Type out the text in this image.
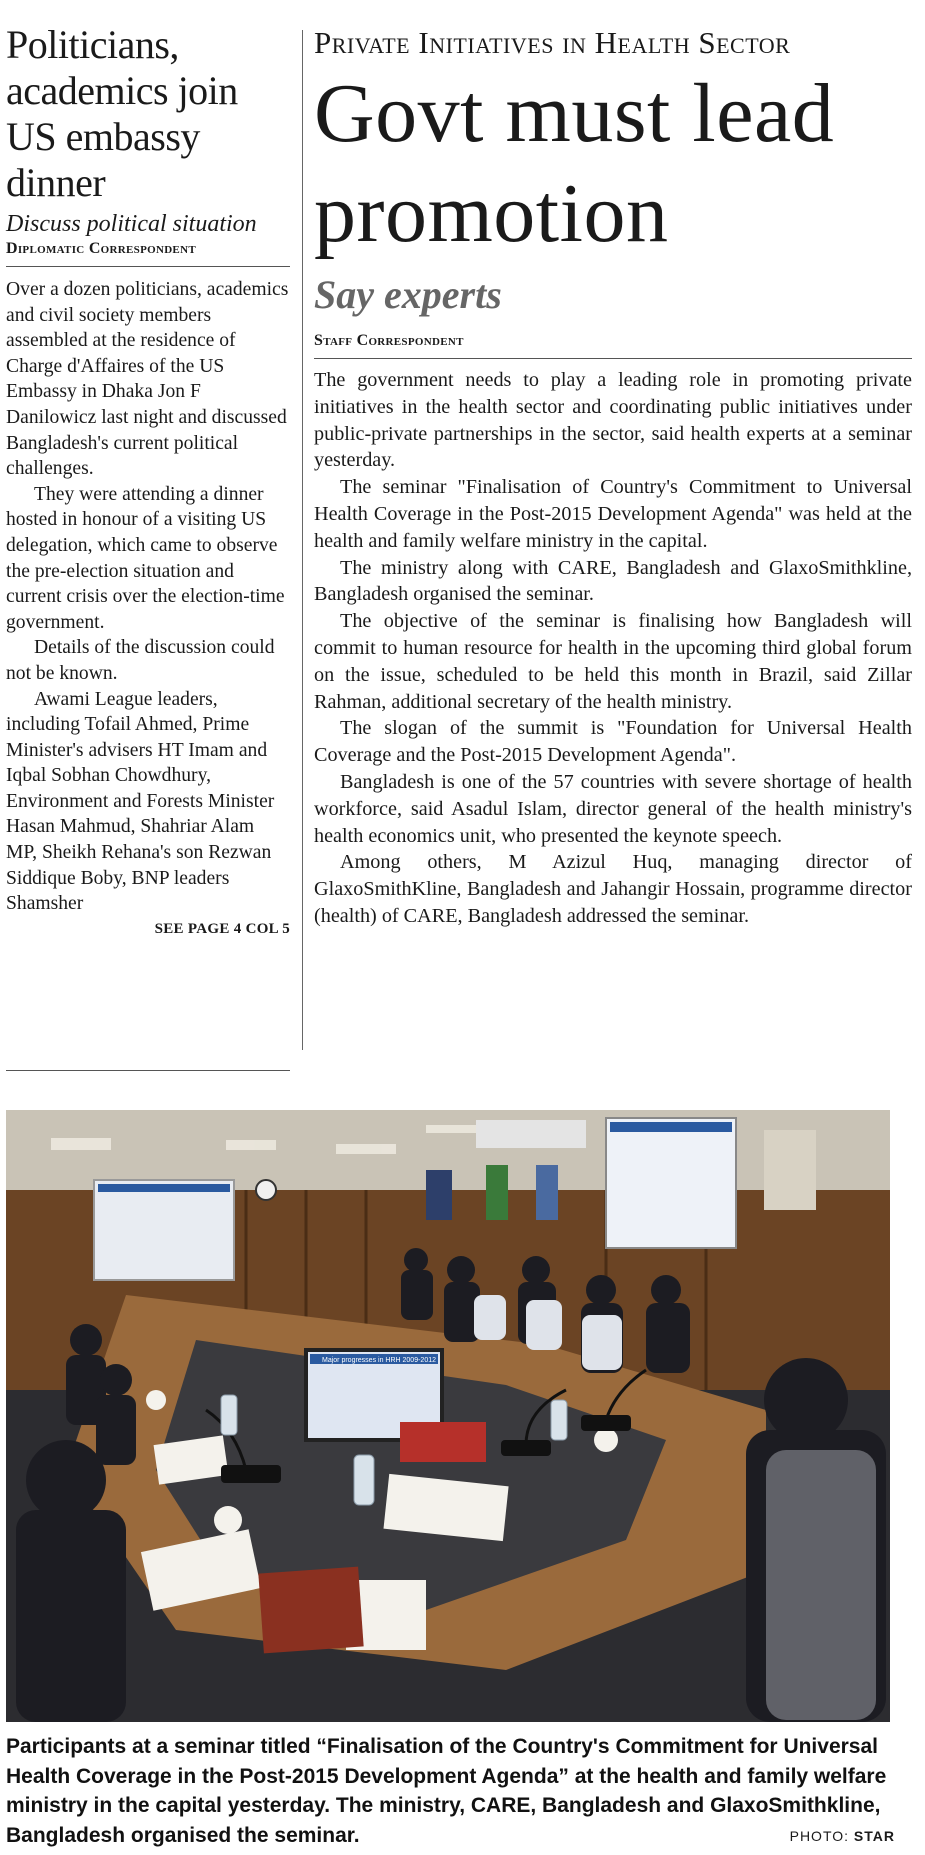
Politicians, academics join US embassy dinner
Discuss political situation
Diplomatic Correspondent

Over a dozen politicians, academics and civil society members assembled at the residence of Charge d'Affaires of the US Embassy in Dhaka Jon F Danilowicz last night and discussed Bangladesh's current political challenges.

They were attending a dinner hosted in honour of a visiting US delegation, which came to observe the pre-election situation and current crisis over the election-time government.

Details of the discussion could not be known.

Awami League leaders, including Tofail Ahmed, Prime Minister's advisers HT Imam and Iqbal Sobhan Chowdhury, Environment and Forests Minister Hasan Mahmud, Shahriar Alam MP, Sheikh Rehana's son Rezwan Siddique Boby, BNP leaders Shamsher

SEE PAGE 4 COL 5
Private Initiatives in Health Sector
Govt must lead promotion
Say experts
Staff Correspondent

The government needs to play a leading role in promoting private initiatives in the health sector and coordinating public initiatives under public-private partnerships in the sector, said health experts at a seminar yesterday.

The seminar "Finalisation of Country's Commitment to Universal Health Coverage in the Post-2015 Development Agenda" was held at the health and family welfare ministry in the capital.

The ministry along with CARE, Bangladesh and GlaxoSmithkline, Bangladesh organised the seminar.

The objective of the seminar is finalising how Bangladesh will commit to human resource for health in the upcoming third global forum on the issue, scheduled to be held this month in Brazil, said Zillar Rahman, additional secretary of the health ministry.

The slogan of the summit is "Foundation for Universal Health Coverage and the Post-2015 Development Agenda".

Bangladesh is one of the 57 countries with severe shortage of health workforce, said Asadul Islam, director general of the health ministry's health economics unit, who presented the keynote speech.

Among others, M Azizul Huq, managing director of GlaxoSmithKline, Bangladesh and Jahangir Hossain, programme director (health) of CARE, Bangladesh addressed the seminar.

Major progresses in HRH 2009-2012
Participants at a seminar titled “Finalisation of the Country's Commitment for Universal Health Coverage in the Post-2015 Development Agenda” at the health and family welfare ministry in the capital yesterday. The ministry, CARE, Bangladesh and GlaxoSmithkline, Bangladesh organised the seminar.	PHOTO: STAR
